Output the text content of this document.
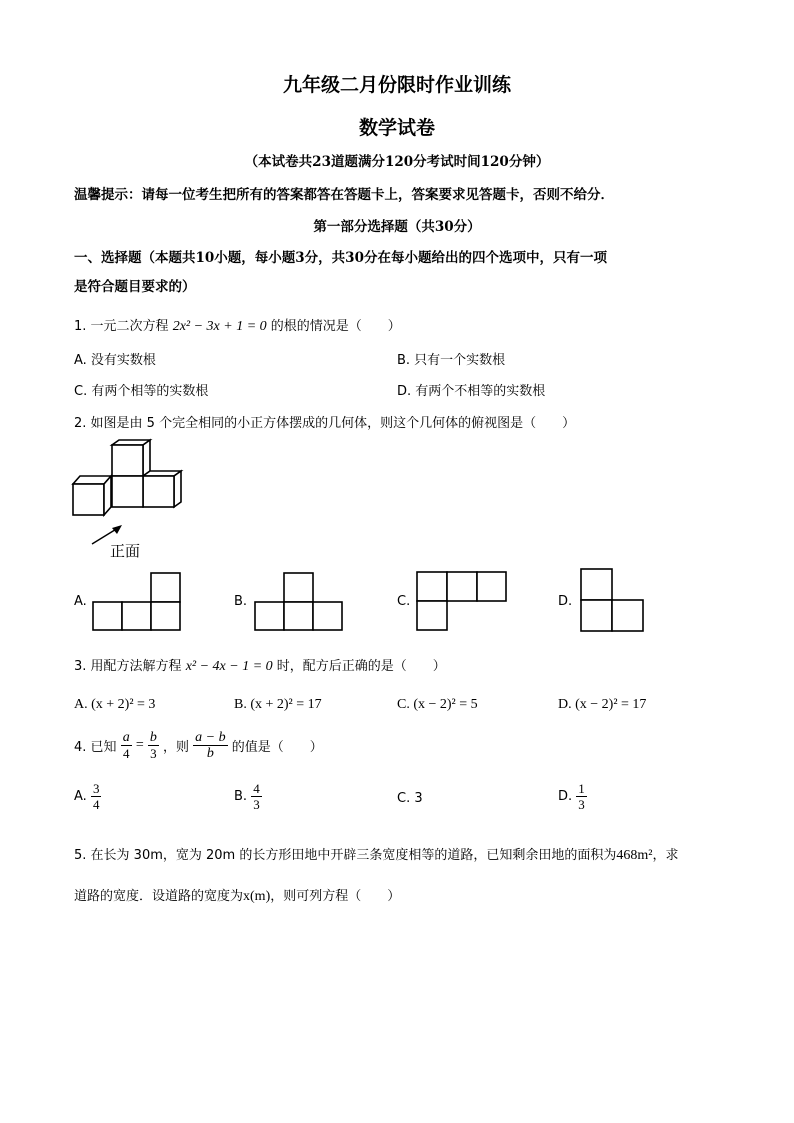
九年级二月份限时作业训练
数学试卷
（本试卷共23道题满分120分考试时间120分钟）
温馨提示：请每一位考生把所有的答案都答在答题卡上，答案要求见答题卡，否则不给分．
第一部分选择题（共30分）
一、选择题（本题共10小题，每小题3分，共30分在每小题给出的四个选项中，只有一项
是符合题目要求的）
1. 一元二次方程 2x² − 3x + 1 = 0 的根的情况是（　　）
A. 没有实数根	B. 只有一个实数根
C. 有两个相等的实数根	D. 有两个不相等的实数根
2. 如图是由 5 个完全相同的小正方体摆成的几何体，则这个几何体的俯视图是（　　）
正面
A.	B.	C.	D.
3. 用配方法解方程 x² − 4x − 1 = 0 时，配方后正确的是（　　）
A. (x + 2)² = 3	B. (x + 2)² = 17	C. (x − 2)² = 5	D. (x − 2)² = 17
4. 已知 $\frac{a}{4} = \frac{b}{3}$ ，则 $\frac{a - b}{b}$ 的值是（　　）
A. $\frac{3}{4}$	B. $\frac{4}{3}$	C. 3	D. $\frac{1}{3}$
5. 在长为 30m，宽为 20m 的长方形田地中开辟三条宽度相等的道路，已知剩余田地的面积为468m²，求
道路的宽度．设道路的宽度为x(m)，则可列方程（　　）
